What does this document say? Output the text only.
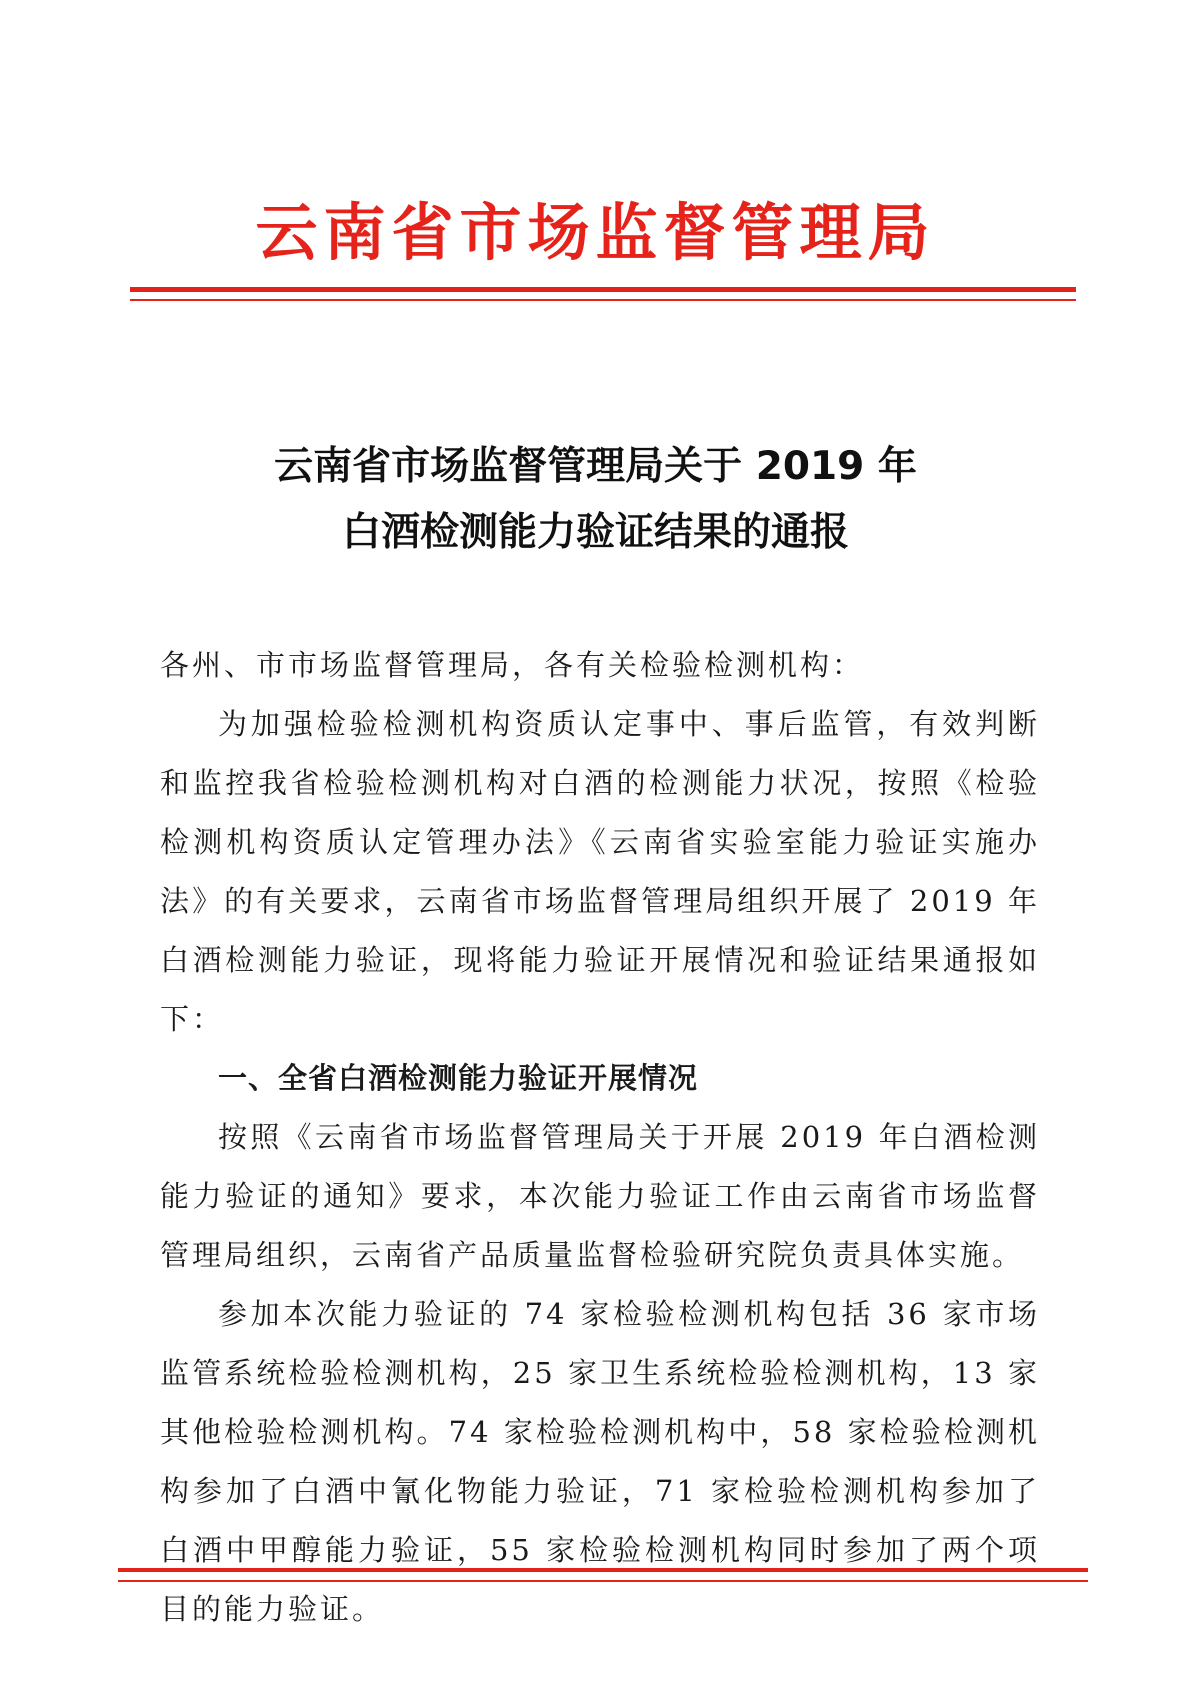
云南省市场监督管理局
云南省市场监督管理局关于 2019 年
白酒检测能力验证结果的通报

各州、市市场监督管理局，各有关检验检测机构：

为加强检验检测机构资质认定事中、事后监管，有效判断和监控我省检验检测机构对白酒的检测能力状况，按照《检验检测机构资质认定管理办法》《云南省实验室能力验证实施办法》的有关要求，云南省市场监督管理局组织开展了 2019 年白酒检测能力验证，现将能力验证开展情况和验证结果通报如下：

一、全省白酒检测能力验证开展情况

按照《云南省市场监督管理局关于开展 2019 年白酒检测能力验证的通知》要求，本次能力验证工作由云南省市场监督管理局组织，云南省产品质量监督检验研究院负责具体实施。

参加本次能力验证的 74 家检验检测机构包括 36 家市场监管系统检验检测机构，25 家卫生系统检验检测机构，13 家其他检验检测机构。74 家检验检测机构中，58 家检验检测机构参加了白酒中氰化物能力验证，71 家检验检测机构参加了白酒中甲醇能力验证，55 家检验检测机构同时参加了两个项目的能力验证。
